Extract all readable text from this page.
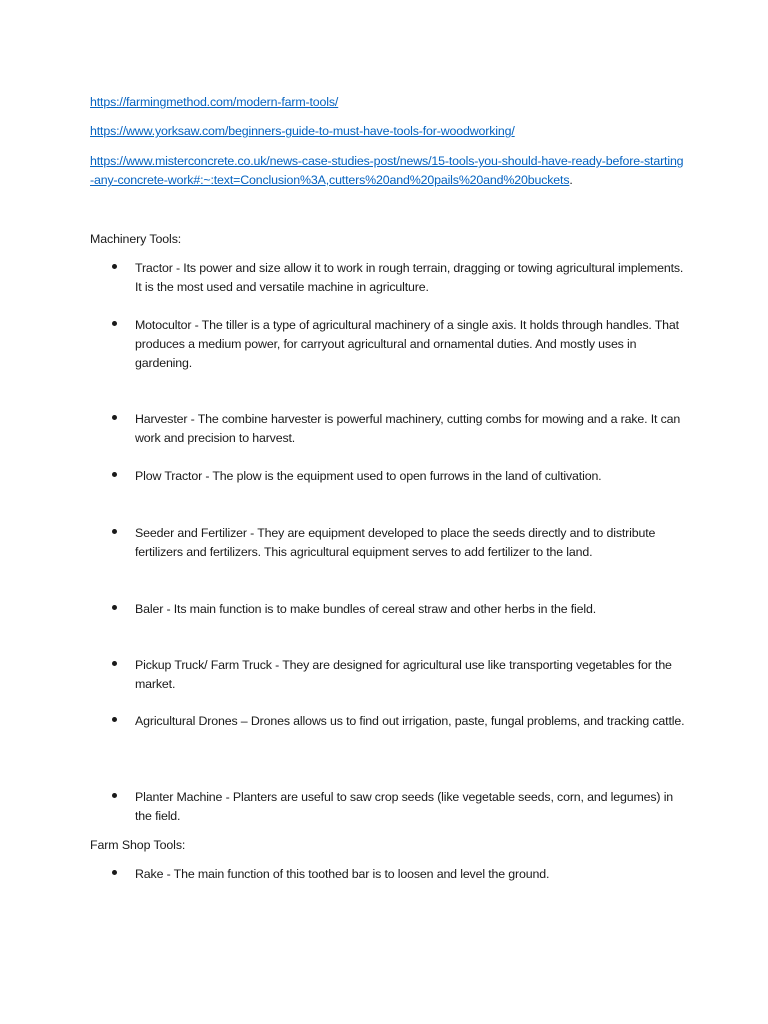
https://farmingmethod.com/modern-farm-tools/
https://www.yorksaw.com/beginners-guide-to-must-have-tools-for-woodworking/
https://www.misterconcrete.co.uk/news-case-studies-post/news/15-tools-you-should-have-ready-before-starting-any-concrete-work#:~:text=Conclusion%3A,cutters%20and%20pails%20and%20buckets.
Machinery Tools:
Tractor - Its power and size allow it to work in rough terrain, dragging or towing agricultural implements. It is the most used and versatile machine in agriculture.
Motocultor - The tiller is a type of agricultural machinery of a single axis. It holds through handles. That produces a medium power, for carryout agricultural and ornamental duties. And mostly uses in gardening.
Harvester - The combine harvester is powerful machinery, cutting combs for mowing and a rake. It can work and precision to harvest.
Plow Tractor - The plow is the equipment used to open furrows in the land of cultivation.
Seeder and Fertilizer - They are equipment developed to place the seeds directly and to distribute fertilizers and fertilizers. This agricultural equipment serves to add fertilizer to the land.
Baler - Its main function is to make bundles of cereal straw and other herbs in the field.
Pickup Truck/ Farm Truck - They are designed for agricultural use like transporting vegetables for the market.
Agricultural Drones – Drones allows us to find out irrigation, paste, fungal problems, and tracking cattle.
Planter Machine - Planters are useful to saw crop seeds (like vegetable seeds, corn, and legumes) in the field.
Farm Shop Tools:
Rake - The main function of this toothed bar is to loosen and level the ground.
